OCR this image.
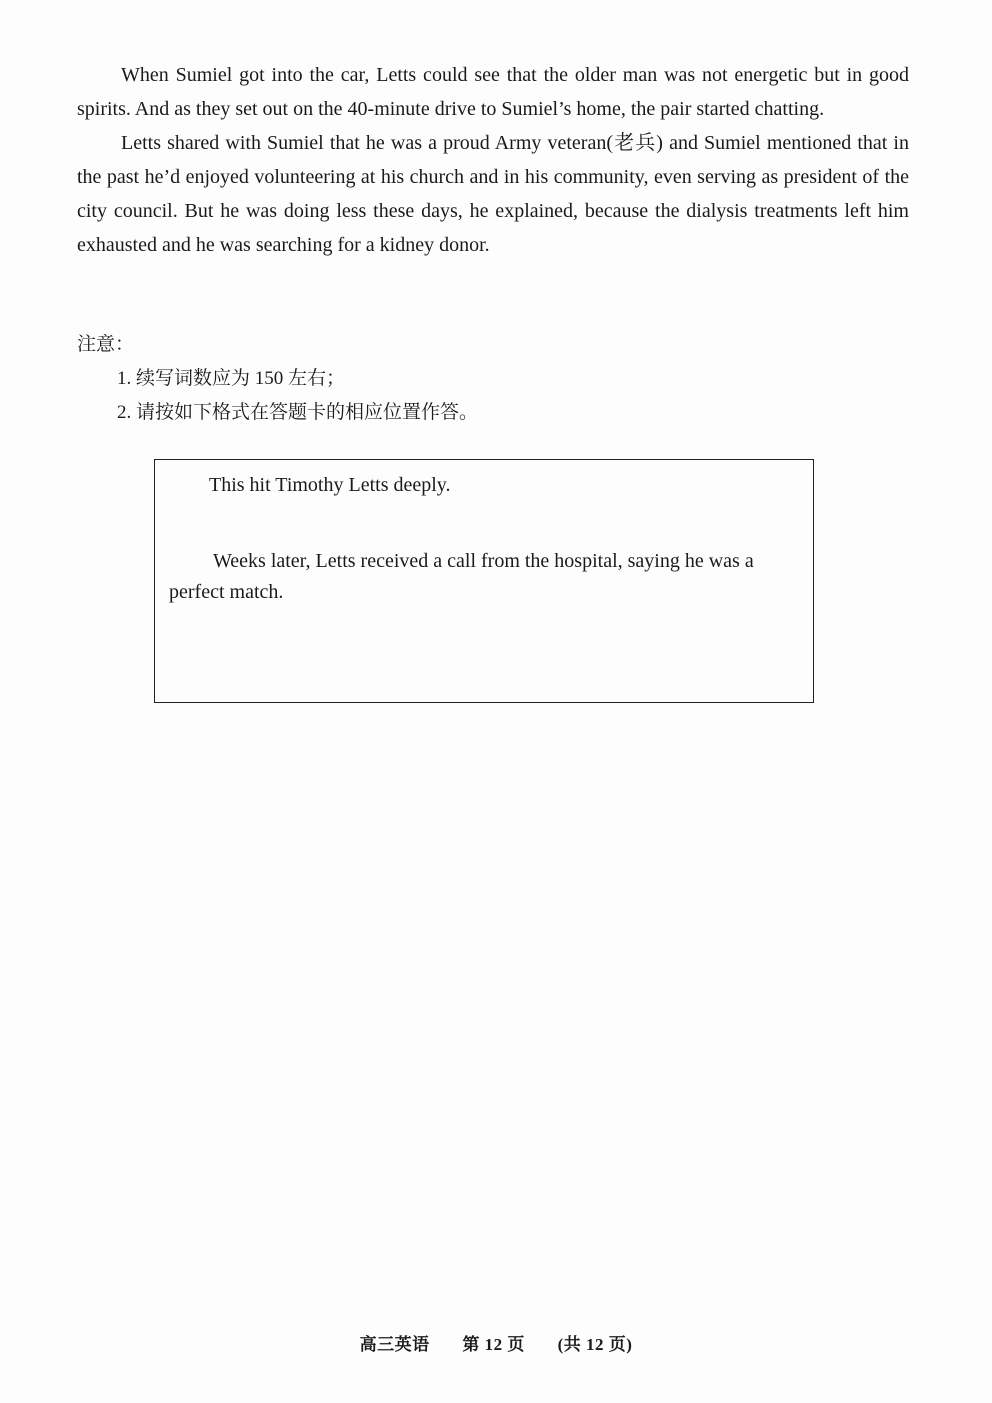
When Sumiel got into the car, Letts could see that the older man was not energetic but in good spirits. And as they set out on the 40-minute drive to Sumiel’s home, the pair started chatting.

Letts shared with Sumiel that he was a proud Army veteran(老兵) and Sumiel mentioned that in the past he’d enjoyed volunteering at his church and in his community, even serving as president of the city council. But he was doing less these days, he explained, because the dialysis treatments left him exhausted and he was searching for a kidney donor.

注意：

1. 续写词数应为 150 左右；
2. 请按如下格式在答题卡的相应位置作答。

This hit Timothy Letts deeply.

Weeks later, Letts received a call from the hospital, saying he was a perfect match.

高三英语 第 12 页 (共 12 页)
